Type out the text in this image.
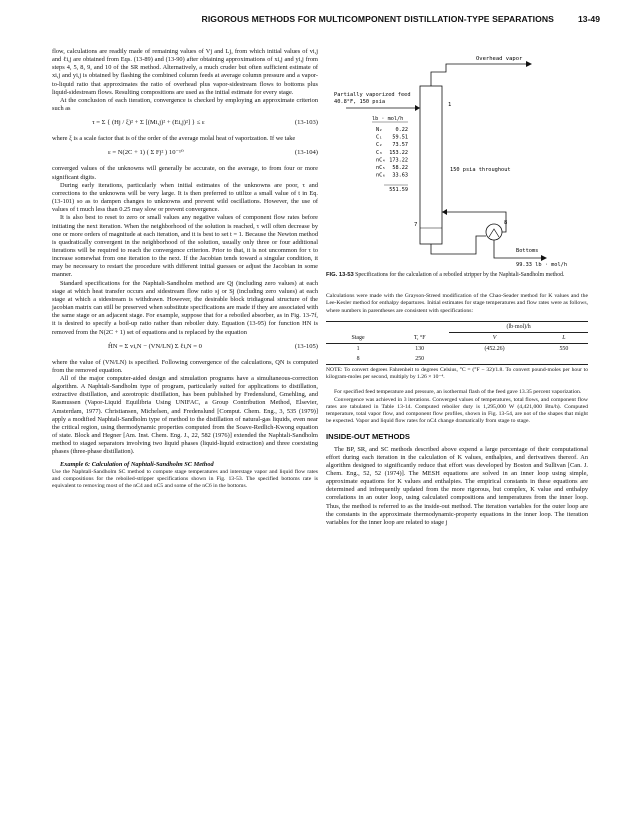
RIGOROUS METHODS FOR MULTICOMPONENT DISTILLATION-TYPE SEPARATIONS	13-49

flow, calculations are readily made of remaining values of Vj and Lj, from which initial values of vi,j and ℓi,j are obtained from Eqs. (13-89) and (13-90) after obtaining approximations of xi,j and yi,j from steps 4, 5, 8, 9, and 10 of the SR method. Alternatively, a much cruder but often sufficient estimate of xi,j and yi,j is obtained by flashing the combined column feeds at average column pressure and a vapor-to-liquid ratio that approximates the ratio of overhead plus vapor-sidestream flows to bottoms plus liquid-sidestream flows. Resulting compositions are used as the initial estimate for every stage.

At the conclusion of each iteration, convergence is checked by employing an approximate criterion such as

τ = Σ { (Hj / ξ)² + Σ [(Mi,j)² + (Ei,j)²] } ≤ ε	(13-103)

where ξ is a scale factor that is of the order of the average molal heat of vaporization. If we take

ε = N(2C + 1) ( Σ Fj² ) 10⁻¹⁰	(13-104)

converged values of the unknowns will generally be accurate, on the average, to from four or more significant digits.

During early iterations, particularly when initial estimates of the unknowns are poor, τ and corrections to the unknowns will be very large. It is then preferred to utilize a small value of t in Eq. (13-101) so as to dampen changes to unknowns and prevent wild oscillations. However, the use of values of t much less than 0.25 may slow or prevent convergence.

It is also best to reset to zero or small values any negative values of component flow rates before initiating the next iteration. When the neighborhood of the solution is reached, τ will often decrease by one or more orders of magnitude at each iteration, and it is best to set t = 1. Because the Newton method is quadratically convergent in the neighborhood of the solution, usually only three or four additional iterations will be required to reach the convergence criterion. Prior to that, it is not uncommon for τ to increase somewhat from one iteration to the next. If the Jacobian tends toward a singular condition, it may be necessary to restart the procedure with different initial guesses or adjust the Jacobian in some manner.

Standard specifications for the Naphtali-Sandholm method are Qj (including zero values) at each stage at which heat transfer occurs and sidestream flow ratio sj or Sj (including zero values) at each stage at which a sidestream is withdrawn. However, the desirable block tridiagonal structure of the jacobian matrix can still be preserved when substitute specifications are made if they are associated with the same stage or an adjacent stage. For example, suppose that for a reboiled absorber, as in Fig. 13-7f, it is desired to specify a boil-up ratio rather than reboiler duty. Equation (13-95) for function HN is removed from the N(2C + 1) set of equations and is replaced by the equation

ĤN = Σ vi,N − (VN/LN) Σ ℓi,N = 0	(13-105)

where the value of (VN/LN) is specified. Following convergence of the calculations, QN is computed from the removed equation.

All of the major computer-aided design and simulation programs have a simultaneous-correction algorithm. A Naphtali-Sandholm type of program, particularly suited for applications to distillation, extractive distillation, and azeotropic distillation, has been published by Fredenslund, Gmehling, and Rasmussen (Vapor-Liquid Equilibria Using UNIFAC, a Group Contribution Method, Elsevier, Amsterdam, 1977). Christiansen, Michelsen, and Fredenslund [Comput. Chem. Eng., 3, 535 (1979)] apply a modified Naphtali-Sandholm type of method to the distillation of natural-gas liquids, even near the critical region, using thermodynamic properties computed from the Soave-Redlich-Kwong equation of state. Block and Hegner [Am. Inst. Chem. Eng. J., 22, 582 (1976)] extended the Naphtali-Sandholm method to staged separators involving two liquid phases (liquid-liquid extraction) and three coexisting phases (three-phase distillation).

Example 6: Calculation of Naphtali-Sandholm SC Method

Use the Naphtali-Sandholm SC method to compute stage temperatures and interstage vapor and liquid flow rates and compositions for the reboiled-stripper specifications shown in Fig. 13-53. The specified bottoms rate is equivalent to removing most of the nC4 and nC5 and some of the nC6 in the bottoms.

Overhead vapor
Partially vaporized feed
40.8°F, 150 psia
lb · mol/h
N₂	0.22
C₁ 59.51
C₂ 73.57
C₃ 153.22
nC₄ 173.22
nC₅ 58.22
nC₆ 33.63
551.59
1
150 psia throughout
7	8
Bottoms
99.33 lb · mol/h
FIG. 13-53 Specifications for the calculation of a reboiled stripper by the Naphtali-Sandholm method.

Calculations were made with the Grayson-Streed modification of the Chao-Seader method for K values and the Lee-Kesler method for enthalpy departures. Initial estimates for stage temperatures and flow rates were as follows, where numbers in parentheses are consistent with specifications:

		(lb·mol)/h	
Stage	T, °F	V	L
1	130	(452.26)	550
8	250		

NOTE: To convert degrees Fahrenheit to degrees Celsius, °C = (°F − 32)/1.8. To convert pound-moles per hour to kilogram-moles per second, multiply by 1.26 × 10⁻⁴.

For specified feed temperature and pressure, an isothermal flash of the feed gave 13.35 percent vaporization.

Convergence was achieved in 3 iterations. Converged values of temperatures, total flows, and component flow rates are tabulated in Table 13-14. Computed reboiler duty is 1,295,000 W (4,421,000 Btu/h). Computed temperature, total vapor flow, and component flow profiles, shown in Fig. 13-54, are not of the shapes that might be expected. Vapor and liquid flow rates for nC4 change dramatically from stage to stage.

INSIDE-OUT METHODS

The BP, SR, and SC methods described above expend a large percentage of their computational effort during each iteration in the calculation of K values, enthalpies, and derivatives thereof. An algorithm designed to significantly reduce that effort was developed by Boston and Sullivan [Can. J. Chem. Eng., 52, 52 (1974)]. The MESH equations are solved in an inner loop using simple, approximate equations for K values and enthalpies. The empirical constants in these equations are determined and infrequently updated from the more rigorous, but complex, K value and enthalpy correlations in an outer loop, using calculated compositions and temperatures from the inner loop. Thus, the method is referred to as the inside-out method. The iteration variables for the outer loop are the constants in the approximate thermodynamic-property equations in the inner loop. The iteration variables for the inner loop are related to stage j
